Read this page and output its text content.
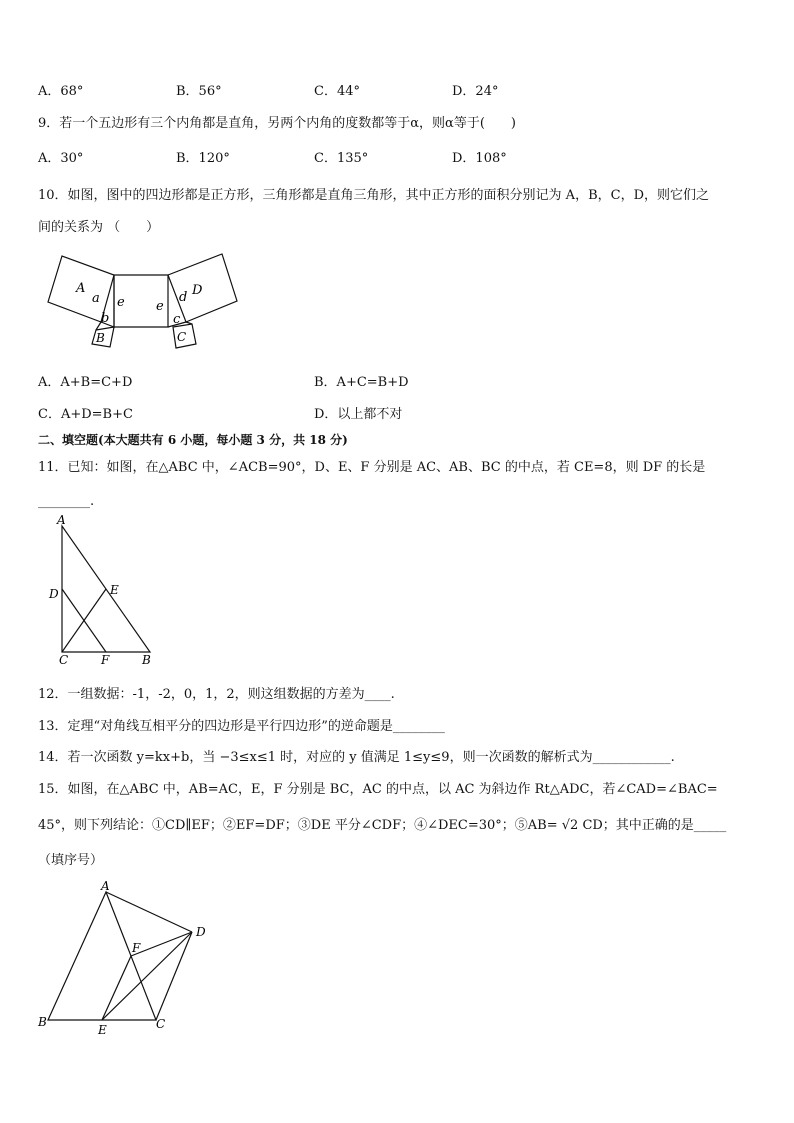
A．68°	B．56°	C．44°	D．24°
9．若一个五边形有三个内角都是直角，另两个内角的度数都等于α，则α等于(　　)
A．30°	B．120°	C．135°	D．108°
10．如图，图中的四边形都是正方形，三角形都是直角三角形，其中正方形的面积分别记为 A，B，C，D，则它们之
间的关系为 （　　）
A
a
b
B
e e
D
d
c
C
A．A+B=C+D	B．A+C=B+D
C．A+D=B+C	D．以上都不对
二、填空题(本大题共有 6 小题，每小题 3 分，共 18 分)
11．已知：如图，在△ABC 中，∠ACB=90°，D、E、F 分别是 AC、AB、BC 的中点，若 CE=8，则 DF 的长是
________.
A
D	E
C	F	B
12．一组数据：-1，-2，0，1，2，则这组数据的方差为____.
13．定理“对角线互相平分的四边形是平行四边形”的逆命题是________
14．若一次函数 y=kx+b，当 −3≤x≤1 时，对应的 y 值满足 1≤y≤9，则一次函数的解析式为____________.
15．如图，在△ABC 中，AB=AC，E，F 分别是 BC，AC 的中点，以 AC 为斜边作 Rt△ADC，若∠CAD=∠BAC=
45°，则下列结论：①CD∥EF；②EF=DF；③DE 平分∠CDF；④∠DEC=30°；⑤AB= √2 CD；其中正确的是_____
（填序号）
A
D
F
B
E	C
